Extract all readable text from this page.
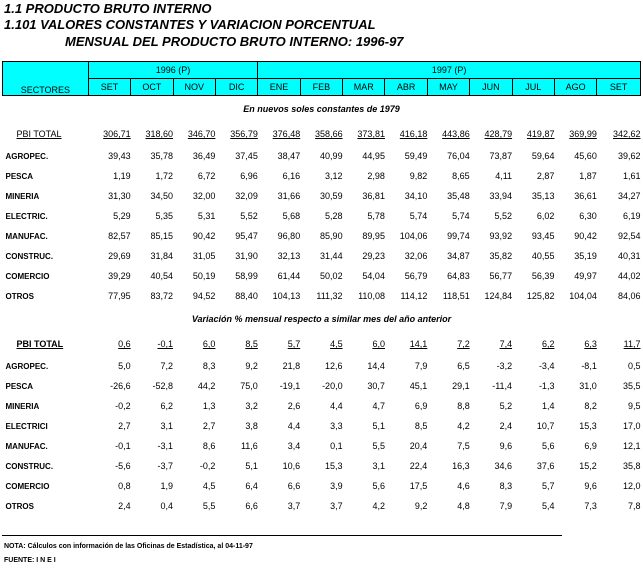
1.1 PRODUCTO BRUTO INTERNO
1.101 VALORES CONSTANTES Y VARIACION PORCENTUAL
MENSUAL DEL PRODUCTO BRUTO INTERNO: 1996-97
SECTORES	1996 (P)				1997 (P)								
	SET	OCT	NOV	DIC	ENE	FEB	MAR	ABR	MAY	JUN	JUL	AGO	SET
En nuevos soles constantes de 1979													
PBI TOTAL	306,71	318,60	346,70	356,79	376,48	358,66	373,81	416,18	443,86	428,79	419,87	369,99	342,62
AGROPEC.	39,43	35,78	36,49	37,45	38,47	40,99	44,95	59,49	76,04	73,87	59,64	45,60	39,62
PESCA	1,19	1,72	6,72	6,96	6,16	3,12	2,98	9,82	8,65	4,11	2,87	1,87	1,61
MINERIA	31,30	34,50	32,00	32,09	31,66	30,59	36,81	34,10	35,48	33,94	35,13	36,61	34,27
ELECTRIC.	5,29	5,35	5,31	5,52	5,68	5,28	5,78	5,74	5,74	5,52	6,02	6,30	6,19
MANUFAC.	82,57	85,15	90,42	95,47	96,80	85,90	89,95	104,06	99,74	93,92	93,45	90,42	92,54
CONSTRUC.	29,69	31,84	31,05	31,90	32,13	31,44	29,23	32,06	34,87	35,82	40,55	35,19	40,31
COMERCIO	39,29	40,54	50,19	58,99	61,44	50,02	54,04	56,79	64,83	56,77	56,39	49,97	44,02
OTROS	77,95	83,72	94,52	88,40	104,13	111,32	110,08	114,12	118,51	124,84	125,82	104,04	84,06
Variación % mensual respecto a similar mes del año anterior													
PBI TOTAL	0,6	-0,1	6,0	8,5	5,7	4,5	6,0	14,1	7,2	7,4	6,2	6,3	11,7
AGROPEC.	5,0	7,2	8,3	9,2	21,8	12,6	14,4	7,9	6,5	-3,2	-3,4	-8,1	0,5
PESCA	-26,6	-52,8	44,2	75,0	-19,1	-20,0	30,7	45,1	29,1	-11,4	-1,3	31,0	35,5
MINERIA	-0,2	6,2	1,3	3,2	2,6	4,4	4,7	6,9	8,8	5,2	1,4	8,2	9,5
ELECTRICI	2,7	3,1	2,7	3,8	4,4	3,3	5,1	8,5	4,2	2,4	10,7	15,3	17,0
MANUFAC.	-0,1	-3,1	8,6	11,6	3,4	0,1	5,5	20,4	7,5	9,6	5,6	6,9	12,1
CONSTRUC.	-5,6	-3,7	-0,2	5,1	10,6	15,3	3,1	22,4	16,3	34,6	37,6	15,2	35,8
COMERCIO	0,8	1,9	4,5	6,4	6,6	3,9	5,6	17,5	4,6	8,3	5,7	9,6	12,0
OTROS	2,4	0,4	5,5	6,6	3,7	3,7	4,2	9,2	4,8	7,9	5,4	7,3	7,8
NOTA: Cálculos con información de las Oficinas de Estadística, al 04-11-97
FUENTE: I N E I
